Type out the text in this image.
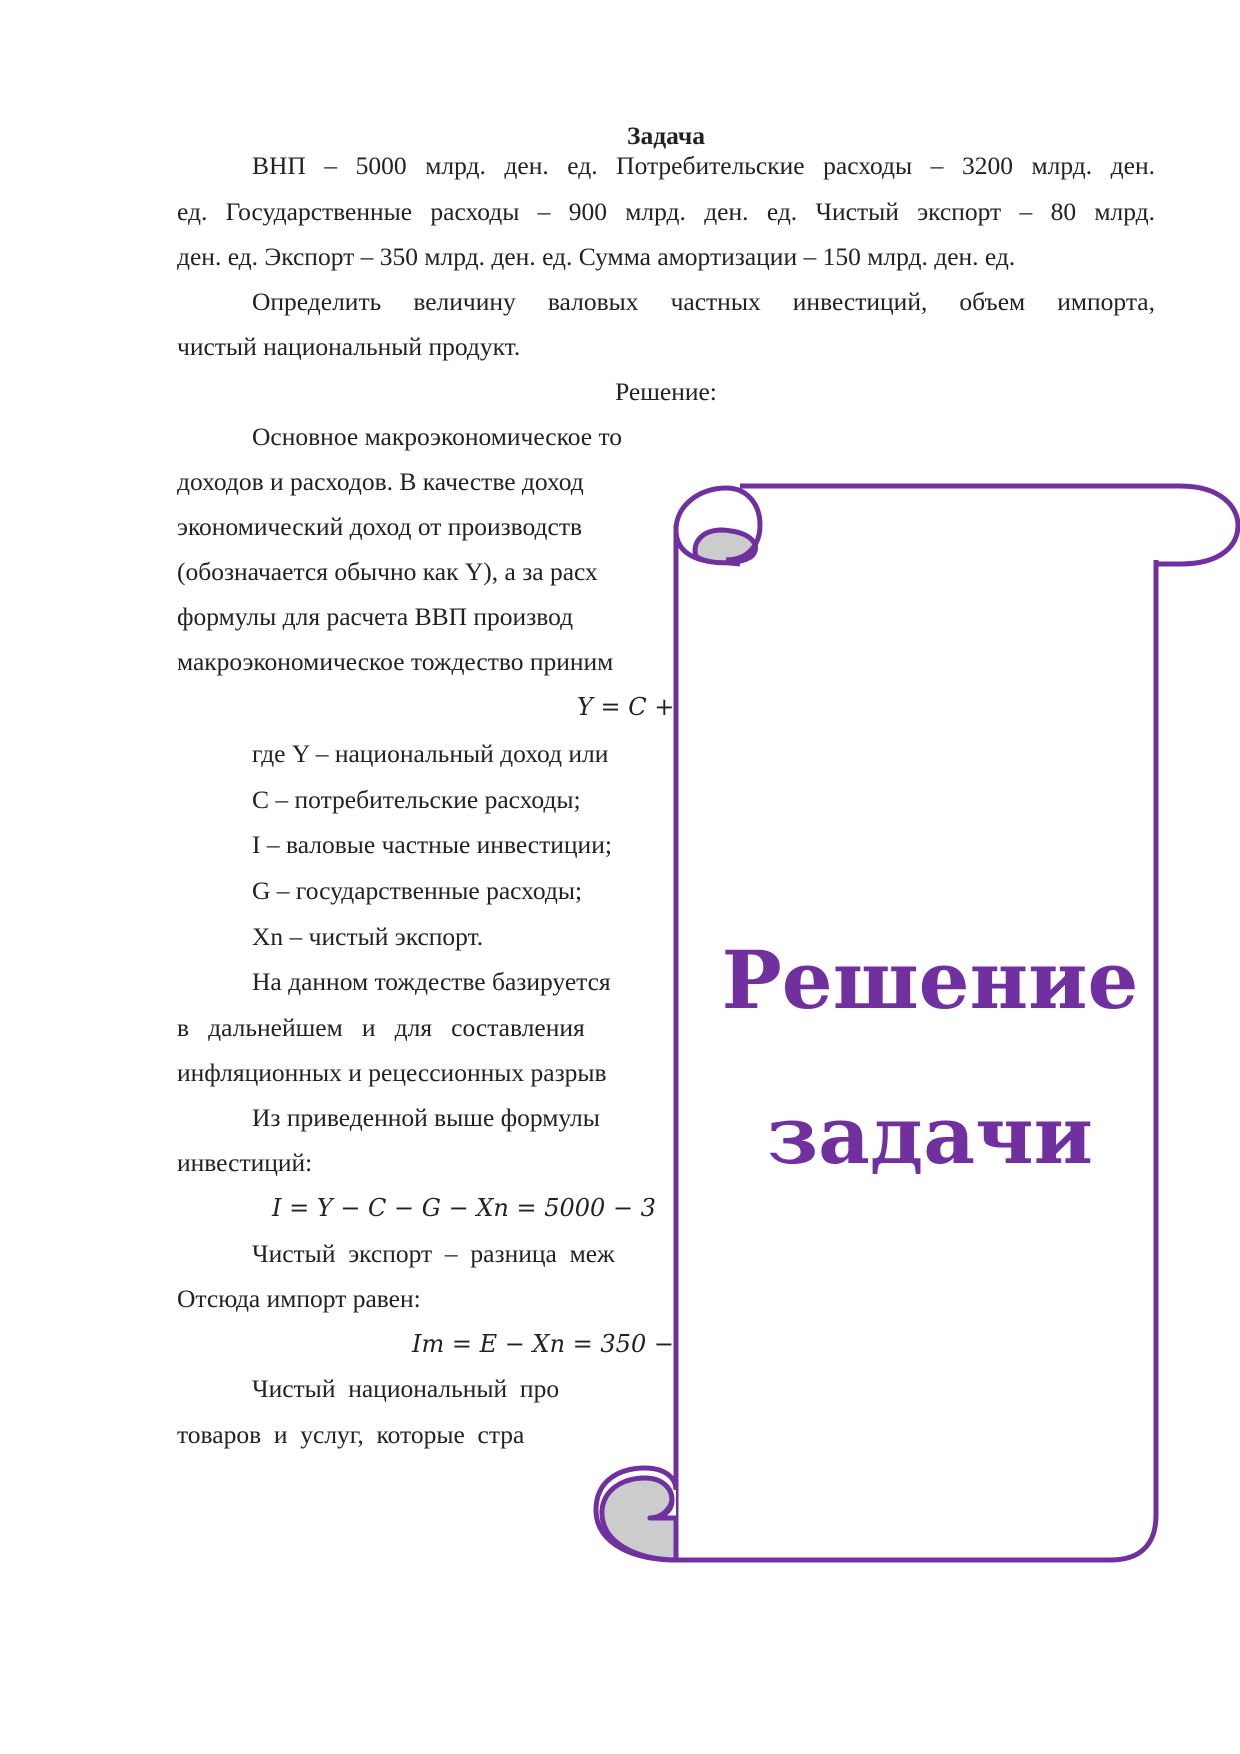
Задача
ВНП – 5000 млрд. ден. ед. Потребительские расходы – 3200 млрд. ден.
ед. Государственные расходы – 900 млрд. ден. ед. Чистый экспорт – 80 млрд.
ден. ед. Экспорт – 350 млрд. ден. ед. Сумма амортизации – 150 млрд. ден. ед.
Определить величину валовых частных инвестиций, объем импорта,
чистый национальный продукт.
Решение:
Основное макроэкономическое то
доходов и расходов. В качестве доход
экономический доход от производств
(обозначается обычно как Y), а за расх
формулы для расчета ВВП производ
макроэкономическое тождество приним
Y = C +
где Y – национальный доход или
C – потребительские расходы;
I – валовые частные инвестиции;
G – государственные расходы;
Xn – чистый экспорт.
На данном тождестве базируется
в   дальнейшем   и   для   составления
инфляционных и рецессионных разрыв
Из приведенной выше формулы
инвестиций:
I = Y − C − G − Xn = 5000 − 3
Чистый  экспорт  –  разница  меж
Отсюда импорт равен:
Im = E − Xn = 350 −
Чистый  национальный  про
товаров  и  услуг,  которые  стра
Решение
задачи
